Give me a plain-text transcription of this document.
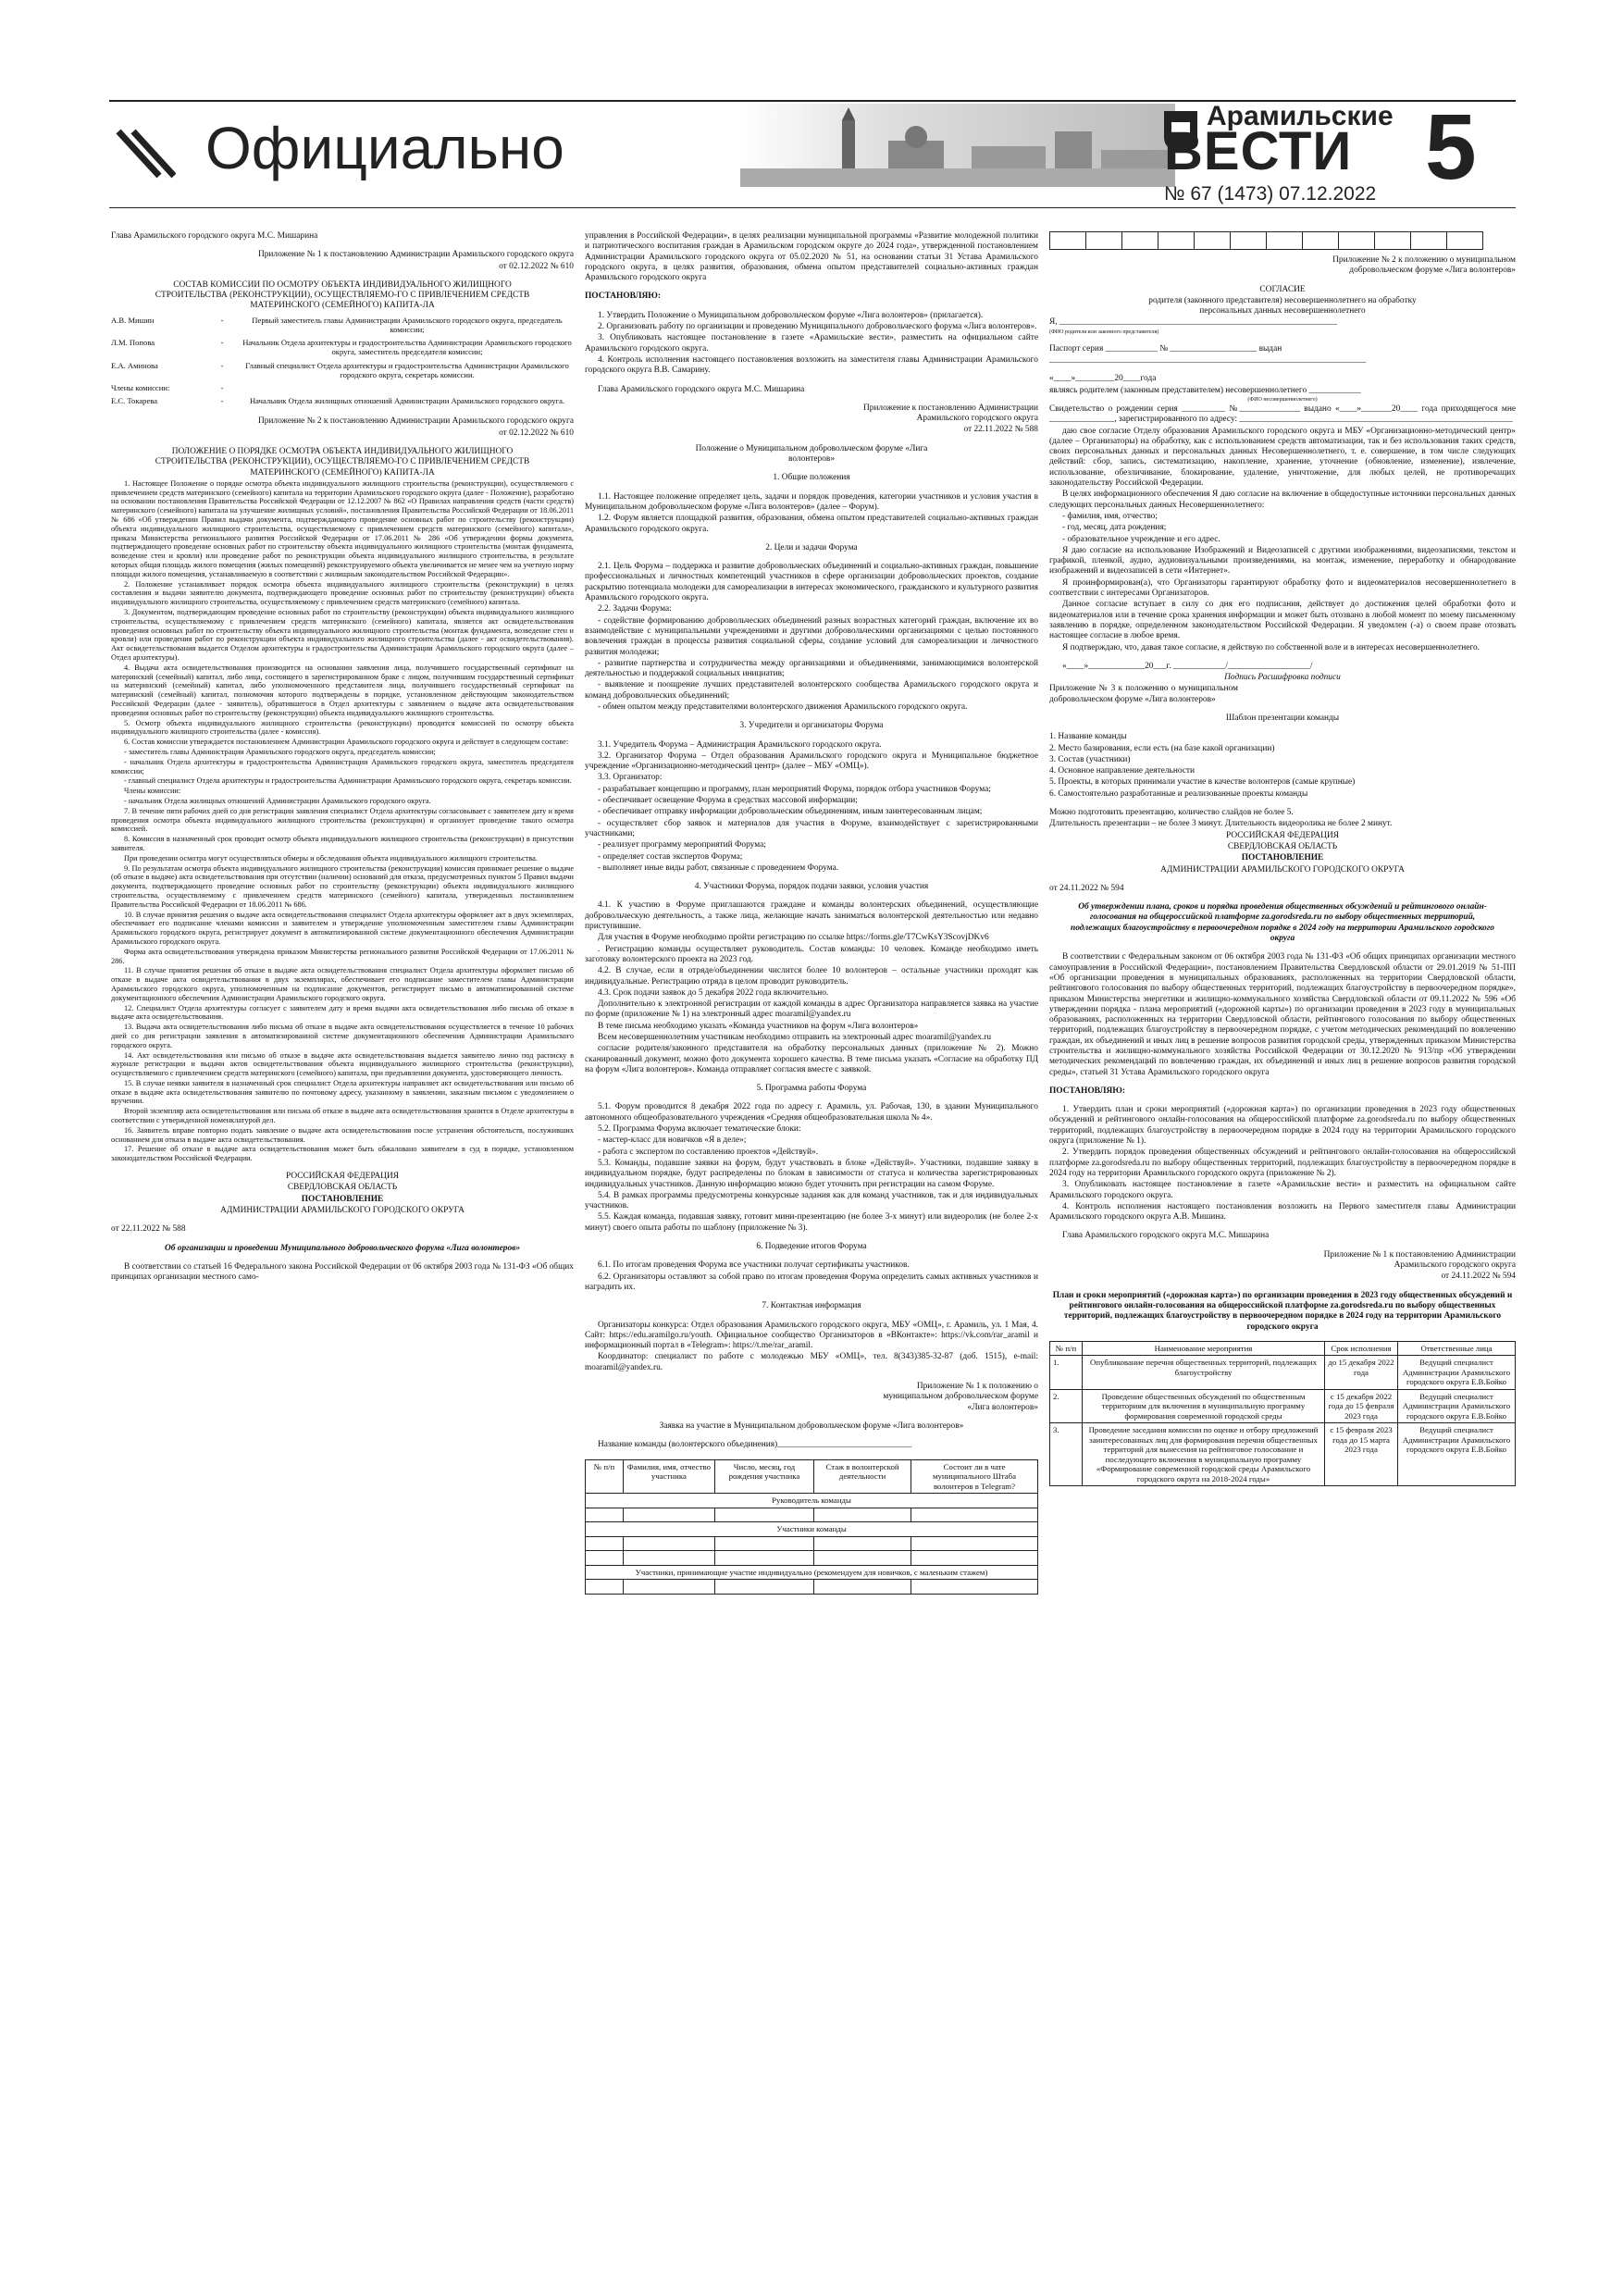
Официально	Арамильские
ВЕСТИ
№ 67 (1473) 07.12.2022 5

Глава Арамильского городского округа М.С. Мишарина

Приложение № 1 к постановлению Администрации Арамильского городского округа

от 02.12.2022 № 610

СОСТАВ КОМИССИИ ПО ОСМОТРУ ОБЪЕКТА ИНДИВИДУАЛЬНОГО ЖИЛИЩНОГО СТРОИТЕЛЬСТВА (РЕКОНСТРУКЦИИ), ОСУЩЕСТВЛЯЕМО-ГО С ПРИВЛЕЧЕНИЕМ СРЕДСТВ МАТЕРИНСКОГО (СЕМЕЙНОГО) КАПИТА-ЛА

А.В. Мишин	-	Первый заместитель главы Администрации Арамильского городского округа, председатель комиссии;
Л.М. Попова	-	Начальник Отдела архитектуры и градостроительства Администрации Арамильского городского округа, заместитель председателя комиссии;
Е.А. Аминова	-	Главный специалист Отдела архитектуры и градостроительства Администрации Арамильского городского округа, секретарь комиссии.
Члены комиссии:	-
Е.С. Токарева	-	Начальник Отдела жилищных отношений Администрации Арамильского городского округа.

Приложение № 2 к постановлению Администрации Арамильского городского округа

от 02.12.2022 № 610

ПОЛОЖЕНИЕ О ПОРЯДКЕ ОСМОТРА ОБЪЕКТА ИНДИВИДУАЛЬНОГО ЖИЛИЩНОГО СТРОИТЕЛЬСТВА (РЕКОНСТРУКЦИИ), ОСУЩЕСТВЛЯЕМО-ГО С ПРИВЛЕЧЕНИЕМ СРЕДСТВ МАТЕРИНСКОГО (СЕМЕЙНОГО) КАПИТА-ЛА

1. Настоящее Положение о порядке осмотра объекта индивидуального жилищного строительства (реконструкции), осуществляемого с привлечением средств материнского (семейного) капитала на территории Арамильского городского округа (далее - Положение), разработано на основании постановления Правительства Российской Федерации от 12.12.2007 № 862 «О Правилах направления средств (части средств) материнского (семейного) капитала на улучшение жилищных условий», постановления Правительства Российской Федерации от 18.06.2011 № 686 «Об утверждении Правил выдачи документа, подтверждающего проведение основных работ по строительству (реконструкции) объекта индивидуального жилищного строительства, осуществляемому с привлечением средств материнского (семейного) капитала», приказа Министерства регионального развития Российской Федерации от 17.06.2011 № 286 «Об утверждении формы документа, подтверждающего проведение основных работ по строительству объекта индивидуального жилищного строительства (монтаж фундамента, возведение стен и кровли) или проведение работ по реконструкции объекта индивидуального жилищного строительства, в результате которых общая площадь жилого помещения (жилых помещений) реконструируемого объекта увеличивается не менее чем на учетную норму площади жилого помещения, устанавливаемую в соответствии с жилищным законодательством Российской Федерации».

2. Положение устанавливает порядок осмотра объекта индивидуального жилищного строительства (реконструкции) в целях составления и выдачи заявителю документа, подтверждающего проведение основных работ по строительству (реконструкции) объекта индивидуального жилищного строительства, осуществляемому с привлечением средств материнского (семейного) капитала.

3. Документом, подтверждающим проведение основных работ по строительству (реконструкции) объекта индивидуального жилищного строительства, осуществляемому с привлечением средств материнского (семейного) капитала, является акт освидетельствования проведения основных работ по строительству объекта индивидуального жилищного строительства (монтаж фундамента, возведение стен и кровли) или проведения работ по реконструкции объекта индивидуального жилищного строительства (далее - акт освидетельствования). Акт освидетельствования выдается Отделом архитектуры и градостроительства Администрации Арамильского городского округа (далее – Отдел архитектуры).

4. Выдача акта освидетельствования производится на основании заявления лица, получившего государственный сертификат на материнский (семейный) капитал, либо лица, состоящего в зарегистрированном браке с лицом, получившим государственный сертификат на материнский (семейный) капитал, либо уполномоченного представителя лица, получившего государственный сертификат на материнский (семейный) капитал, полномочия которого подтверждены в порядке, установленном действующим законодательством Российской Федерации (далее - заявитель), обратившегося в Отдел архитектуры с заявлением о выдаче акта освидетельствования проведения основных работ по строительству (реконструкции) объекта индивидуального жилищного строительства.

5. Осмотр объекта индивидуального жилищного строительства (реконструкции) проводится комиссией по осмотру объекта индивидуального жилищного строительства (далее - комиссия).

6. Состав комиссии утверждается постановлением Администрации Арамильского городского округа и действует в следующем составе:

- заместитель главы Администрации Арамильского городского округа, председатель комиссии;

- начальник Отдела архитектуры и градостроительства Администрации Арамильского городского округа, заместитель председателя комиссии;

- главный специалист Отдела архитектуры и градостроительства Администрации Арамильского городского округа, секретарь комиссии.

Члены комиссии:

- начальник Отдела жилищных отношений Администрации Арамильского городского округа.

7. В течение пяти рабочих дней со дня регистрации заявления специалист Отдела архитектуры согласовывает с заявителем дату и время проведения осмотра объекта индивидуального жилищного строительства (реконструкции) и организует проведение такого осмотра комиссией.

8. Комиссия в назначенный срок проводит осмотр объекта индивидуального жилищного строительства (реконструкции) в присутствии заявителя.

При проведении осмотра могут осуществляться обмеры и обследования объекта индивидуального жилищного строительства.

9. По результатам осмотра объекта индивидуального жилищного строительства (реконструкции) комиссия принимает решение о выдаче (об отказе в выдаче) акта освидетельствования при отсутствии (наличии) оснований для отказа, предусмотренных пунктом 5 Правил выдачи документа, подтверждающего проведение основных работ по строительству (реконструкции) объекта индивидуального жилищного строительства, осуществляемому с привлечением средств материнского (семейного) капитала, утвержденных постановлением Правительства Российской Федерации от 18.06.2011 № 686.

10. В случае принятия решения о выдаче акта освидетельствования специалист Отдела архитектуры оформляет акт в двух экземплярах, обеспечивает его подписание членами комиссии и заявителем и утверждение уполномоченным заместителем главы Администрации Арамильского городского округа, регистрирует документ в автоматизированной системе документационного обеспечения Администрации Арамильского городского округа.

Форма акта освидетельствования утверждена приказом Министерства регионального развития Российской Федерации от 17.06.2011 № 286.

11. В случае принятия решения об отказе в выдаче акта освидетельствования специалист Отдела архитектуры оформляет письмо об отказе в выдаче акта освидетельствования в двух экземплярах, обеспечивает его подписание заместителем главы Администрации Арамильского городского округа, уполномоченным на подписание документов, регистрирует письмо в автоматизированной системе документационного обеспечения Администрации Арамильского городского округа.

12. Специалист Отдела архитектуры согласует с заявителем дату и время выдачи акта освидетельствования либо письма об отказе в выдаче акта освидетельствования.

13. Выдача акта освидетельствования либо письма об отказе в выдаче акта освидетельствования осуществляется в течение 10 рабочих дней со дня регистрации заявления в автоматизированной системе документационного обеспечения Администрации Арамильского городского округа.

14. Акт освидетельствования или письмо об отказе в выдаче акта освидетельствования выдается заявителю лично под расписку в журнале регистрации и выдачи актов освидетельствования объекта индивидуального жилищного строительства (реконструкции), осуществляемого с привлечением средств материнского (семейного) капитала, при предъявлении документа, удостоверяющего личность.

15. В случае неявки заявителя в назначенный срок специалист Отдела архитектуры направляет акт освидетельствования или письмо об отказе в выдаче акта освидетельствования заявителю по почтовому адресу, указанному в заявлении, заказным письмом с уведомлением о вручении.

Второй экземпляр акта освидетельствования или письма об отказе в выдаче акта освидетельствования хранится в Отделе архитектуры в соответствии с утвержденной номенклатурой дел.

16. Заявитель вправе повторно подать заявление о выдаче акта освидетельствования после устранения обстоятельств, послуживших основанием для отказа в выдаче акта освидетельствования.

17. Решение об отказе в выдаче акта освидетельствования может быть обжаловано заявителем в суд в порядке, установленном законодательством Российской Федерации.

РОССИЙСКАЯ ФЕДЕРАЦИЯ

СВЕРДЛОВСКАЯ ОБЛАСТЬ

ПОСТАНОВЛЕНИЕ

АДМИНИСТРАЦИИ АРАМИЛЬСКОГО ГОРОДСКОГО ОКРУГА

от 22.11.2022 № 588

Об организации и проведении Муниципального добровольческого форума «Лига волонтеров»

В соответствии со статьей 16 Федерального закона Российской Федерации от 06 октября 2003 года № 131-ФЗ «Об общих принципах организации местного само-

управления в Российской Федерации», в целях реализации муниципальной программы «Развитие молодежной политики и патриотического воспитания граждан в Арамильском городском округе до 2024 года», утвержденной постановлением Администрации Арамильского городского округа от 05.02.2020 № 51, на основании статьи 31 Устава Арамильского городского округа, в целях развития, образования, обмена опытом представителей социально-активных граждан Арамильского городского округа

ПОСТАНОВЛЯЮ:

1. Утвердить Положение о Муниципальном добровольческом форуме «Лига волонтеров» (прилагается).

2. Организовать работу по организации и проведению Муниципального добровольческого форума «Лига волонтеров».

3. Опубликовать настоящее постановление в газете «Арамильские вести», разместить на официальном сайте Арамильского городского округа.

4. Контроль исполнения настоящего постановления возложить на заместителя главы Администрации Арамильского городского округа В.В. Самарину.

Глава Арамильского городского округа М.С. Мишарина

Приложение к постановлению Администрации Арамильского городского округа

от 22.11.2022 № 588

Положение о Муниципальном добровольческом форуме «Лига волонтеров»

1. Общие положения

1.1. Настоящее положение определяет цель, задачи и порядок проведения, категории участников и условия участия в Муниципальном добровольческом форуме «Лига волонтеров» (далее – Форум).

1.2. Форум является площадкой развития, образования, обмена опытом представителей социально-активных граждан Арамильского городского округа.

2. Цели и задачи Форума

2.1. Цель Форума – поддержка и развитие добровольческих объединений и социально-активных граждан, повышение профессиональных и личностных компетенций участников в сфере организации добровольческих проектов, создание раскрытию потенциала молодежи для самореализации в интересах экономического, гражданского и культурного развития Арамильского городского округа.

2.2. Задачи Форума:

- содействие формированию добровольческих объединений разных возрастных категорий граждан, включение их во взаимодействие с муниципальными учреждениями и другими добровольческими организациями с целью постоянного вовлечения граждан в процессы развития социальной сферы, создание условий для самореализации и личностного развития молодежи;

- развитие партнерства и сотрудничества между организациями и объединениями, занимающимися волонтерской деятельностью и поддержкой социальных инициатив;

- выявление и поощрение лучших представителей волонтерского сообщества Арамильского городского округа и команд добровольческих объединений;

- обмен опытом между представителями волонтерского движения Арамильского городского округа.

3. Учредители и организаторы Форума

3.1. Учредитель Форума – Администрация Арамильского городского округа.

3.2. Организатор Форума – Отдел образования Арамильского городского округа и Муниципальное бюджетное учреждение «Организационно-методический центр» (далее – МБУ «ОМЦ»).

3.3. Организатор:

- разрабатывает концепцию и программу, план мероприятий Форума, порядок отбора участников Форума;

- обеспечивает освещение Форума в средствах массовой информации;

- обеспечивает отправку информации добровольческим объединениям, иным заинтересованным лицам;

- осуществляет сбор заявок и материалов для участия в Форуме, взаимодействует с зарегистрированными участниками;

- реализует программу мероприятий Форума;

- определяет состав экспертов Форума;

- выполняет иные виды работ, связанные с проведением Форума.

4. Участники Форума, порядок подачи заявки, условия участия

4.1. К участию в Форуме приглашаются граждане и команды волонтерских объединений, осуществляющие добровольческую деятельность, а также лица, желающие начать заниматься волонтерской деятельностью или недавно приступившие.

Для участия в Форуме необходимо пройти регистрацию по ссылке https://forms.gle/T7CwKsY3ScovjDKv6

. Регистрацию команды осуществляет руководитель. Состав команды: 10 человек. Команде необходимо иметь заготовку волонтерского проекта на 2023 год.

4.2. В случае, если в отряде/объединении числится более 10 волонтеров – остальные участники проходят как индивидуальные. Регистрацию отряда в целом проводит руководитель.

4.3. Срок подачи заявок до 5 декабря 2022 года включительно.

Дополнительно к электронной регистрации от каждой команды в адрес Организатора направляется заявка на участие по форме (приложение № 1) на электронный адрес moaramil@yandex.ru

В теме письма необходимо указать «Команда участников на форум «Лига волонтеров»

Всем несовершеннолетним участникам необходимо отправить на электронный адрес moaramil@yandex.ru

согласие родителя/законного представителя на обработку персональных данных (приложение № 2). Можно сканированный документ, можно фото документа хорошего качества. В теме письма указать «Согласие на обработку ПД на форум «Лига волонтеров». Команда отправляет согласия вместе с заявкой.

5. Программа работы Форума

5.1. Форум проводится 8 декабря 2022 года по адресу г. Арамиль, ул. Рабочая, 130, в здании Муниципального автономного общеобразовательного учреждения «Средняя общеобразовательная школа № 4».

5.2. Программа Форума включает тематические блоки:

- мастер-класс для новичков «Я в деле»;

- работа с экспертом по составлению проектов «Действуй».

5.3. Команды, подавшие заявки на форум, будут участвовать в блоке «Действуй». Участники, подавшие заявку в индивидуальном порядке, будут распределены по блокам в зависимости от статуса и количества зарегистрированных индивидуальных участников. Данную информацию можно будет уточнить при регистрации на самом Форуме.

5.4. В рамках программы предусмотрены конкурсные задания как для команд участников, так и для индивидуальных участников.

5.5. Каждая команда, подавшая заявку, готовит мини-презентацию (не более 3-х минут) или видеоролик (не более 2-х минут) своего опыта работы по шаблону (приложение № 3).

6. Подведение итогов Форума

6.1. По итогам проведения Форума все участники получат сертификаты участников.

6.2. Организаторы оставляют за собой право по итогам проведения Форума определить самых активных участников и наградить их.

7. Контактная информация

Организаторы конкурса: Отдел образования Арамильского городского округа, МБУ «ОМЦ», г. Арамиль, ул. 1 Мая, 4. Сайт: https://edu.aramilgo.ru/youth. Официальное сообщество Организаторов в «ВКонтакте»: https://vk.com/rar_aramil и информационный портал в «Telegram»: https://t.me/rar_aramil.

Координатор: специалист по работе с молодежью МБУ «ОМЦ», тел. 8(343)385-32-87 (доб. 1515), e-mail: moaramil@yandex.ru.

Приложение № 1 к положению о муниципальном добровольческом форуме «Лига волонтеров»

Заявка на участие в Муниципальном добровольческом форуме «Лига волонтеров»

Название команды (волонтерского объединения)_______________________________

№ п/п	Фамилия, имя, отчество участника	Число, месяц, год рождения участника	Стаж в волонтерской деятельности	Состоит ли в чате муниципального Штаба волонтеров в Telegram?
Руководитель команды				

Участники команды				

Участники, принимающие участие индивидуально (рекомендуем для новичков, с маленьким стажем)				

Приложение № 2 к положению о муниципальном добровольческом форуме «Лига волонтеров»

СОГЛАСИЕ

родителя (законного представителя) несовершеннолетнего на обработку персональных данных несовершеннолетнего

Я, ________________________________________________________________

(ФИО родителя или законного представителя)

Паспорт серия ____________ № ____________________ выдан

_________________________________________________________________________

«____»_________20____года

являясь родителем (законным представителем) несовершеннолетнего ____________

(ФИО несовершеннолетнего)

Свидетельство о рождении серия __________ №______________ выдано «____»_______20____ года приходящегося мне _______________, зарегистрированного по адресу: _______________________________________________________________

даю свое согласие Отделу образования Арамильского городского округа и МБУ «Организационно-методический центр» (далее – Организаторы) на обработку, как с использованием средств автоматизации, так и без использования таких средств, своих персональных данных и персональных данных Несовершеннолетнего, т. е. совершение, в том числе следующих действий: сбор, запись, систематизацию, накопление, хранение, уточнение (обновление, изменение), извлечение, использование, обезличивание, блокирование, удаление, уничтожение, для любых целей, не противоречащих законодательству Российской Федерации.

В целях информационного обеспечения Я даю согласие на включение в общедоступные источники персональных данных следующих персональных данных Несовершеннолетнего:

- фамилия, имя, отчество;

- год, месяц, дата рождения;

- образовательное учреждение и его адрес.

Я даю согласие на использование Изображений и Видеозаписей с другими изображениями, видеозаписями, текстом и графикой, пленкой, аудио, аудиовизуальными произведениями, на монтаж, изменение, переработку и обнародование изображений и видеозаписей в сети «Интернет».

Я проинформирован(а), что Организаторы гарантируют обработку фото и видеоматериалов несовершеннолетнего в соответствии с интересами Организаторов.

Данное согласие вступает в силу со дня его подписания, действует до достижения целей обработки фото и видеоматериалов или в течение срока хранения информации и может быть отозвано в любой момент по моему письменному заявлению в порядке, определенном законодательством Российской Федерации. Я уведомлен (-а) о своем праве отозвать настоящее согласие в любое время.

Я подтверждаю, что, давая такое согласие, я действую по собственной воле и в интересах несовершеннолетнего.

«____»_____________20___г. ____________/___________________/

Подпись Расшифровка подписи

Приложение № 3 к положению о муниципальном добровольческом форуме «Лига волонтеров»

Шаблон презентации команды

1. Название команды

2. Место базирования, если есть (на базе какой организации)

3. Состав (участники)

4. Основное направление деятельности

5. Проекты, в которых принимали участие в качестве волонтеров (самые крупные)

6. Самостоятельно разработанные и реализованные проекты команды

Можно подготовить презентацию, количество слайдов не более 5.

Длительность презентации – не более 3 минут. Длительность видеоролика не более 2 минут.

РОССИЙСКАЯ ФЕДЕРАЦИЯ

СВЕРДЛОВСКАЯ ОБЛАСТЬ

ПОСТАНОВЛЕНИЕ

АДМИНИСТРАЦИИ АРАМИЛЬСКОГО ГОРОДСКОГО ОКРУГА

от 24.11.2022 № 594

Об утверждении плана, сроков и порядка проведения общественных обсуждений и рейтингового онлайн-голосования на общероссийской платформе za.gorodsreda.ru по выбору общественных территорий, подлежащих благоустройству в первоочередном порядке в 2024 году на территории Арамильского городского округа

В соответствии с Федеральным законом от 06 октября 2003 года № 131-ФЗ «Об общих принципах организации местного самоуправления в Российской Федерации», постановлением Правительства Свердловской области от 29.01.2019 № 51-ПП «Об организации проведения в муниципальных образованиях, расположенных на территории Свердловской области, рейтингового голосования по выбору общественных территорий, подлежащих благоустройству в первоочередном порядке», приказом Министерства энергетики и жилищно-коммунального хозяйства Свердловской области от 09.11.2022 № 596 «Об утверждении порядка - плана мероприятий («дорожной карты») по организации проведения в 2023 году в муниципальных образованиях, расположенных на территории Свердловской области, рейтингового голосования по выбору общественных территорий, подлежащих благоустройству в первоочередном порядке, с учетом методических рекомендаций по вовлечению граждан, их объединений и иных лиц в решение вопросов развития городской среды, утвержденных приказом Министерства строительства и жилищно-коммунального хозяйства Российской Федерации от 30.12.2020 № 913/пр «Об утверждении методических рекомендаций по вовлечению граждан, их объединений и иных лиц в решение вопросов развития городской среды», статьей 31 Устава Арамильского городского округа

ПОСТАНОВЛЯЮ:

1. Утвердить план и сроки мероприятий («дорожная карта») по организации проведения в 2023 году общественных обсуждений и рейтингового онлайн-голосования на общероссийской платформе za.gorodsreda.ru по выбору общественных территорий, подлежащих благоустройству в первоочередном порядке в 2024 году на территории Арамильского городского округа (приложение № 1).

2. Утвердить порядок проведения общественных обсуждений и рейтингового онлайн-голосования на общероссийской платформе za.gorodsreda.ru по выбору общественных территорий, подлежащих благоустройству в первоочередном порядке в 2024 году на территории Арамильского городского округа (приложение № 2).

3. Опубликовать настоящее постановление в газете «Арамильские вести» и разместить на официальном сайте Арамильского городского округа.

4. Контроль исполнения настоящего постановления возложить на Первого заместителя главы Администрации Арамильского городского округа А.В. Мишина.

Глава Арамильского городского округа М.С. Мишарина

Приложение № 1 к постановлению Администрации Арамильского городского округа

от 24.11.2022 № 594

План и сроки мероприятий («дорожная карта») по организации проведения в 2023 году общественных обсуждений и рейтингового онлайн-голосования на общероссийской платформе za.gorodsreda.ru по выбору общественных территорий, подлежащих благоустройству в первоочередном порядке в 2024 году на территории Арамильского городского округа

№ п/п	Наименование мероприятия	Срок исполнения	Ответственные лица
1.	Опубликование перечня общественных территорий, подлежащих благоустройству	до 15 декабря 2022 года	Ведущий специалист Администрации Арамильского городского округа Е.В.Бойко
2.	Проведение общественных обсуждений по общественным территориям для включения в муниципальную программу формирования современной городской среды	с 15 декабря 2022 года до 15 февраля 2023 года	Ведущий специалист Администрации Арамильского городского округа Е.В.Бойко
3.	Проведение заседания комиссии по оценке и отбору предложений заинтересованных лиц для формирования перечня общественных территорий для вынесения на рейтинговое голосование и последующего включения в муниципальную программу «Формирование современной городской среды Арамильского городского округа на 2018-2024 годы»	с 15 февраля 2023 года до 15 марта 2023 года	Ведущий специалист Администрации Арамильского городского округа Е.В.Бойко
